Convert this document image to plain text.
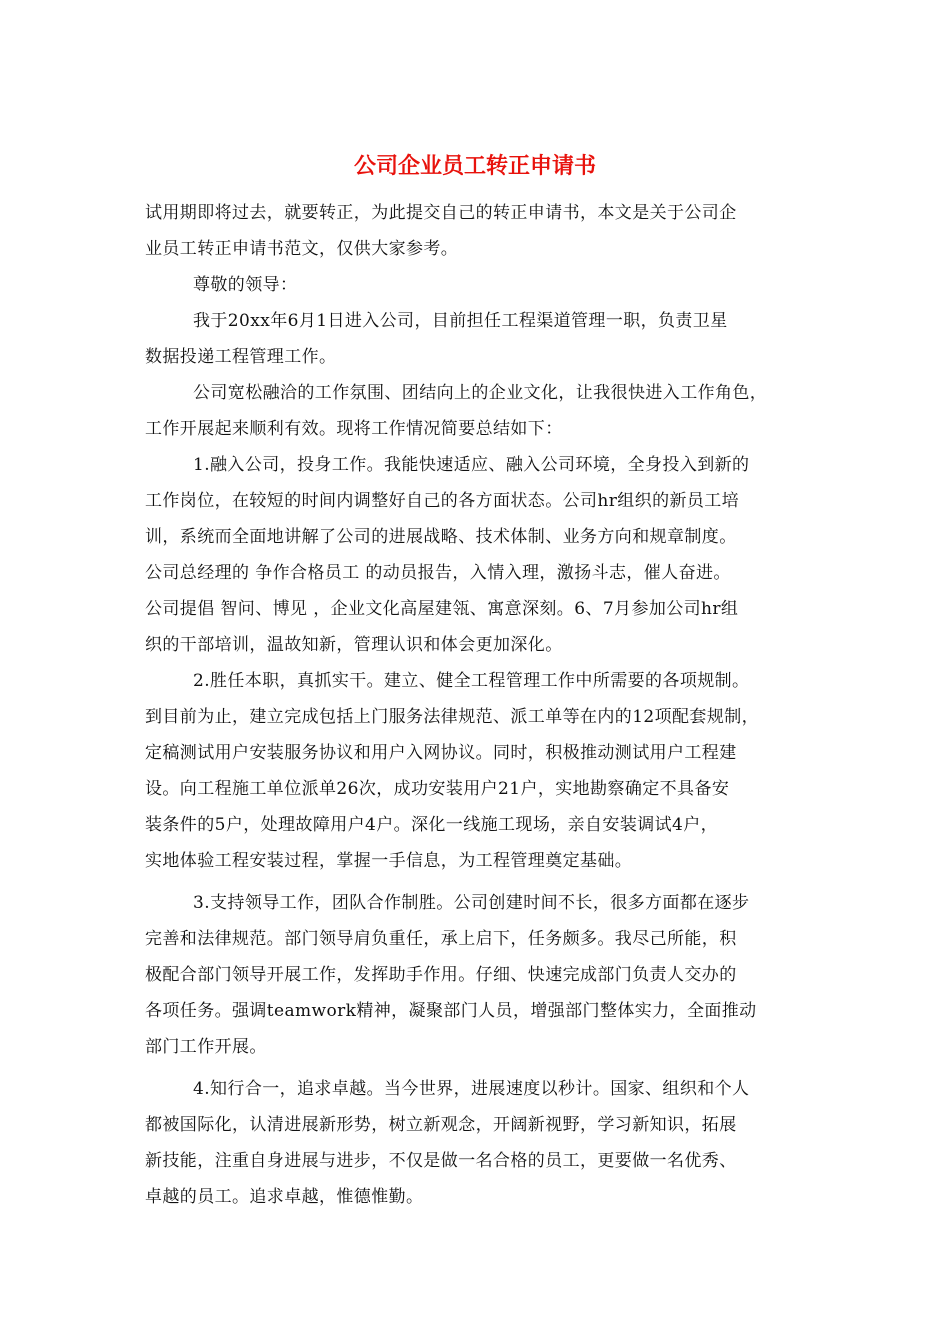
公司企业员工转正申请书
试用期即将过去，就要转正，为此提交自己的转正申请书，本文是关于公司企
业员工转正申请书范文，仅供大家参考。
尊敬的领导：
我于20xx年6月1日进入公司，目前担任工程渠道管理一职，负责卫星
数据投递工程管理工作。
公司宽松融洽的工作氛围、团结向上的企业文化，让我很快进入工作角色，
工作开展起来顺利有效。现将工作情况简要总结如下：
1.融入公司，投身工作。我能快速适应、融入公司环境，全身投入到新的
工作岗位，在较短的时间内调整好自己的各方面状态。公司hr组织的新员工培
训，系统而全面地讲解了公司的进展战略、技术体制、业务方向和规章制度。
公司总经理的 争作合格员工 的动员报告，入情入理，激扬斗志，催人奋进。
公司提倡 智问、博见 ，企业文化高屋建瓴、寓意深刻。6、7月参加公司hr组
织的干部培训，温故知新，管理认识和体会更加深化。
2.胜任本职，真抓实干。建立、健全工程管理工作中所需要的各项规制。
到目前为止，建立完成包括上门服务法律规范、派工单等在内的12项配套规制，
定稿测试用户安装服务协议和用户入网协议。同时，积极推动测试用户工程建
设。向工程施工单位派单26次，成功安装用户21户，实地勘察确定不具备安
装条件的5户，处理故障用户4户。深化一线施工现场，亲自安装调试4户，
实地体验工程安装过程，掌握一手信息，为工程管理奠定基础。
3.支持领导工作，团队合作制胜。公司创建时间不长，很多方面都在逐步
完善和法律规范。部门领导肩负重任，承上启下，任务颇多。我尽己所能，积
极配合部门领导开展工作，发挥助手作用。仔细、快速完成部门负责人交办的
各项任务。强调teamwork精神，凝聚部门人员，增强部门整体实力，全面推动
部门工作开展。
4.知行合一，追求卓越。当今世界，进展速度以秒计。国家、组织和个人
都被国际化，认清进展新形势，树立新观念，开阔新视野，学习新知识，拓展
新技能，注重自身进展与进步，不仅是做一名合格的员工，更要做一名优秀、
卓越的员工。追求卓越，惟德惟勤。
